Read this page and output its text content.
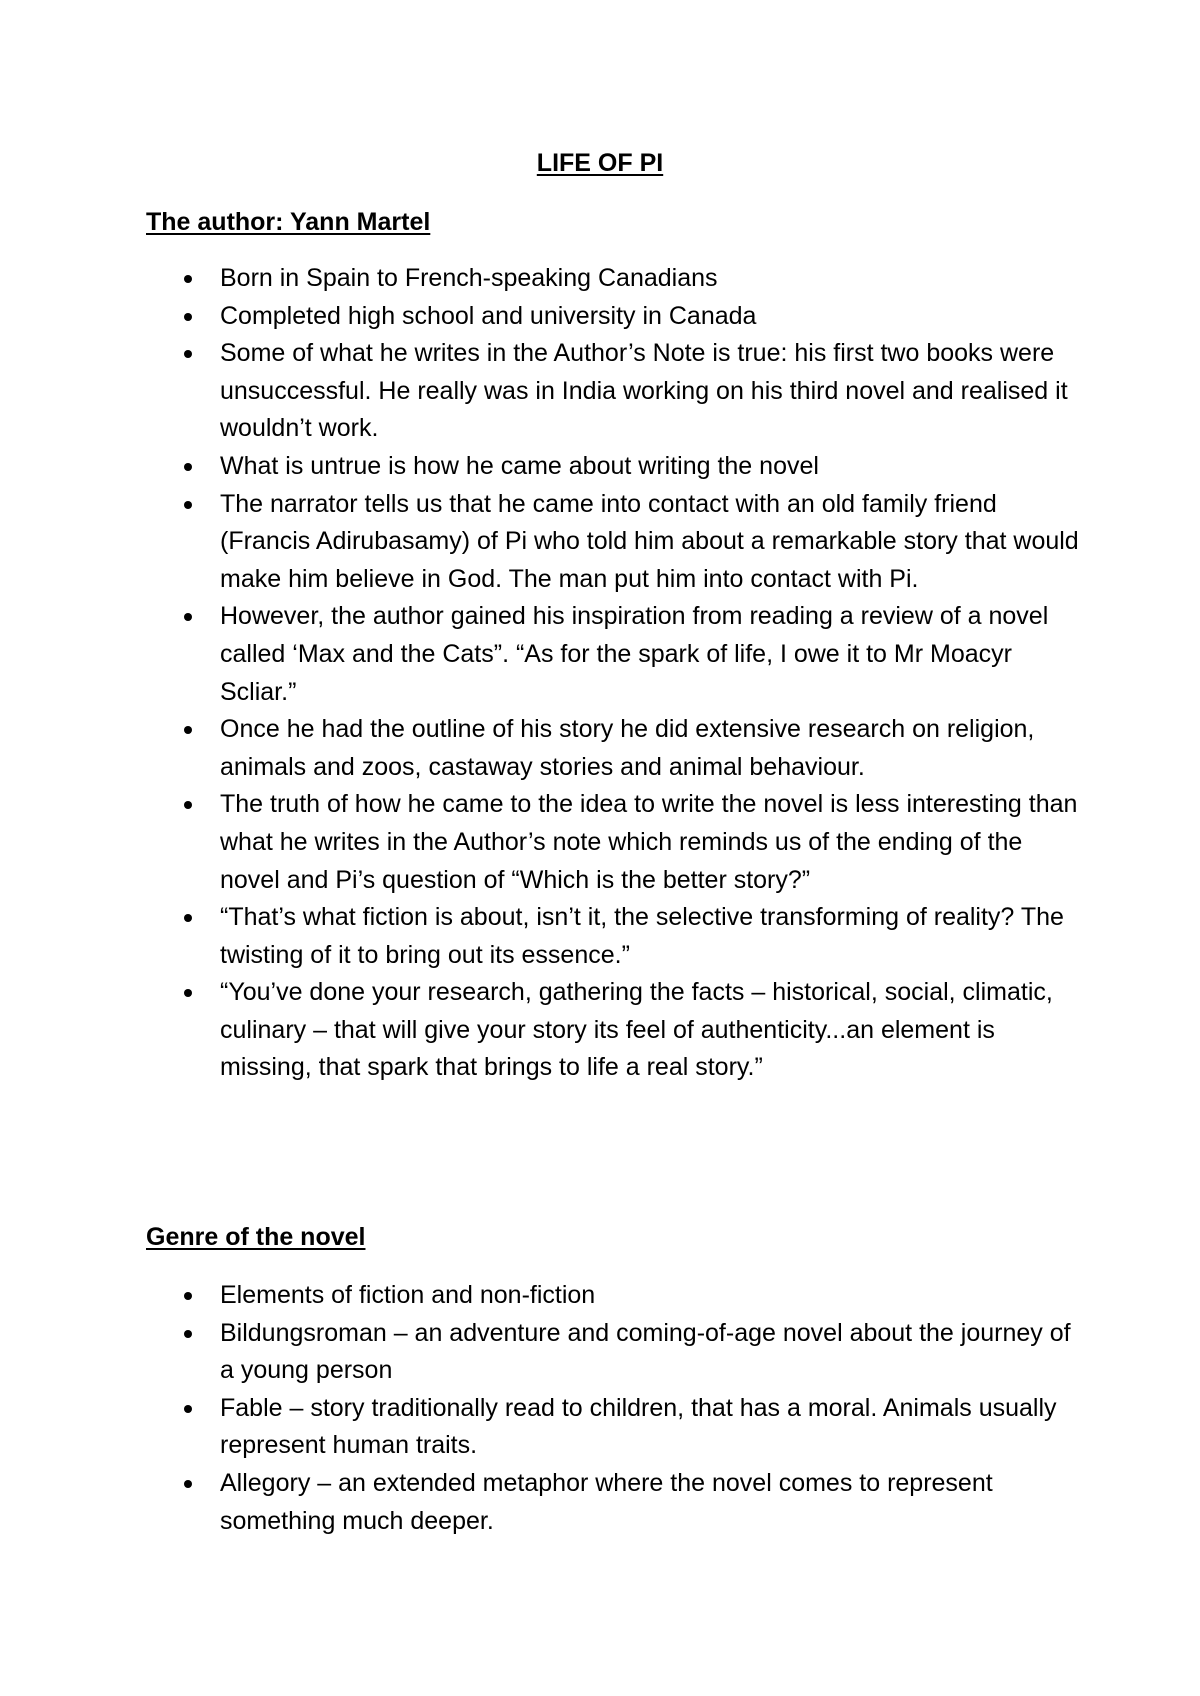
LIFE OF PI
The author: Yann Martel
Born in Spain to French-speaking Canadians
Completed high school and university in Canada
Some of what he writes in the Author’s Note is true: his first two books were unsuccessful. He really was in India working on his third novel and realised it wouldn’t work.
What is untrue is how he came about writing the novel
The narrator tells us that he came into contact with an old family friend (Francis Adirubasamy) of Pi who told him about a remarkable story that would make him believe in God. The man put him into contact with Pi.
However, the author gained his inspiration from reading a review of a novel called ‘Max and the Cats”. “As for the spark of life, I owe it to Mr Moacyr Scliar.”
Once he had the outline of his story he did extensive research on religion, animals and zoos, castaway stories and animal behaviour.
The truth of how he came to the idea to write the novel is less interesting than what he writes in the Author’s note which reminds us of the ending of the novel and Pi’s question of “Which is the better story?”
“That’s what fiction is about, isn’t it, the selective transforming of reality? The twisting of it to bring out its essence.”
“You’ve done your research, gathering the facts – historical, social, climatic, culinary – that will give your story its feel of authenticity...an element is missing, that spark that brings to life a real story.”
Genre of the novel
Elements of fiction and non-fiction
Bildungsroman – an adventure and coming-of-age novel about the journey of a young person
Fable – story traditionally read to children, that has a moral. Animals usually represent human traits.
Allegory – an extended metaphor where the novel comes to represent something much deeper.
